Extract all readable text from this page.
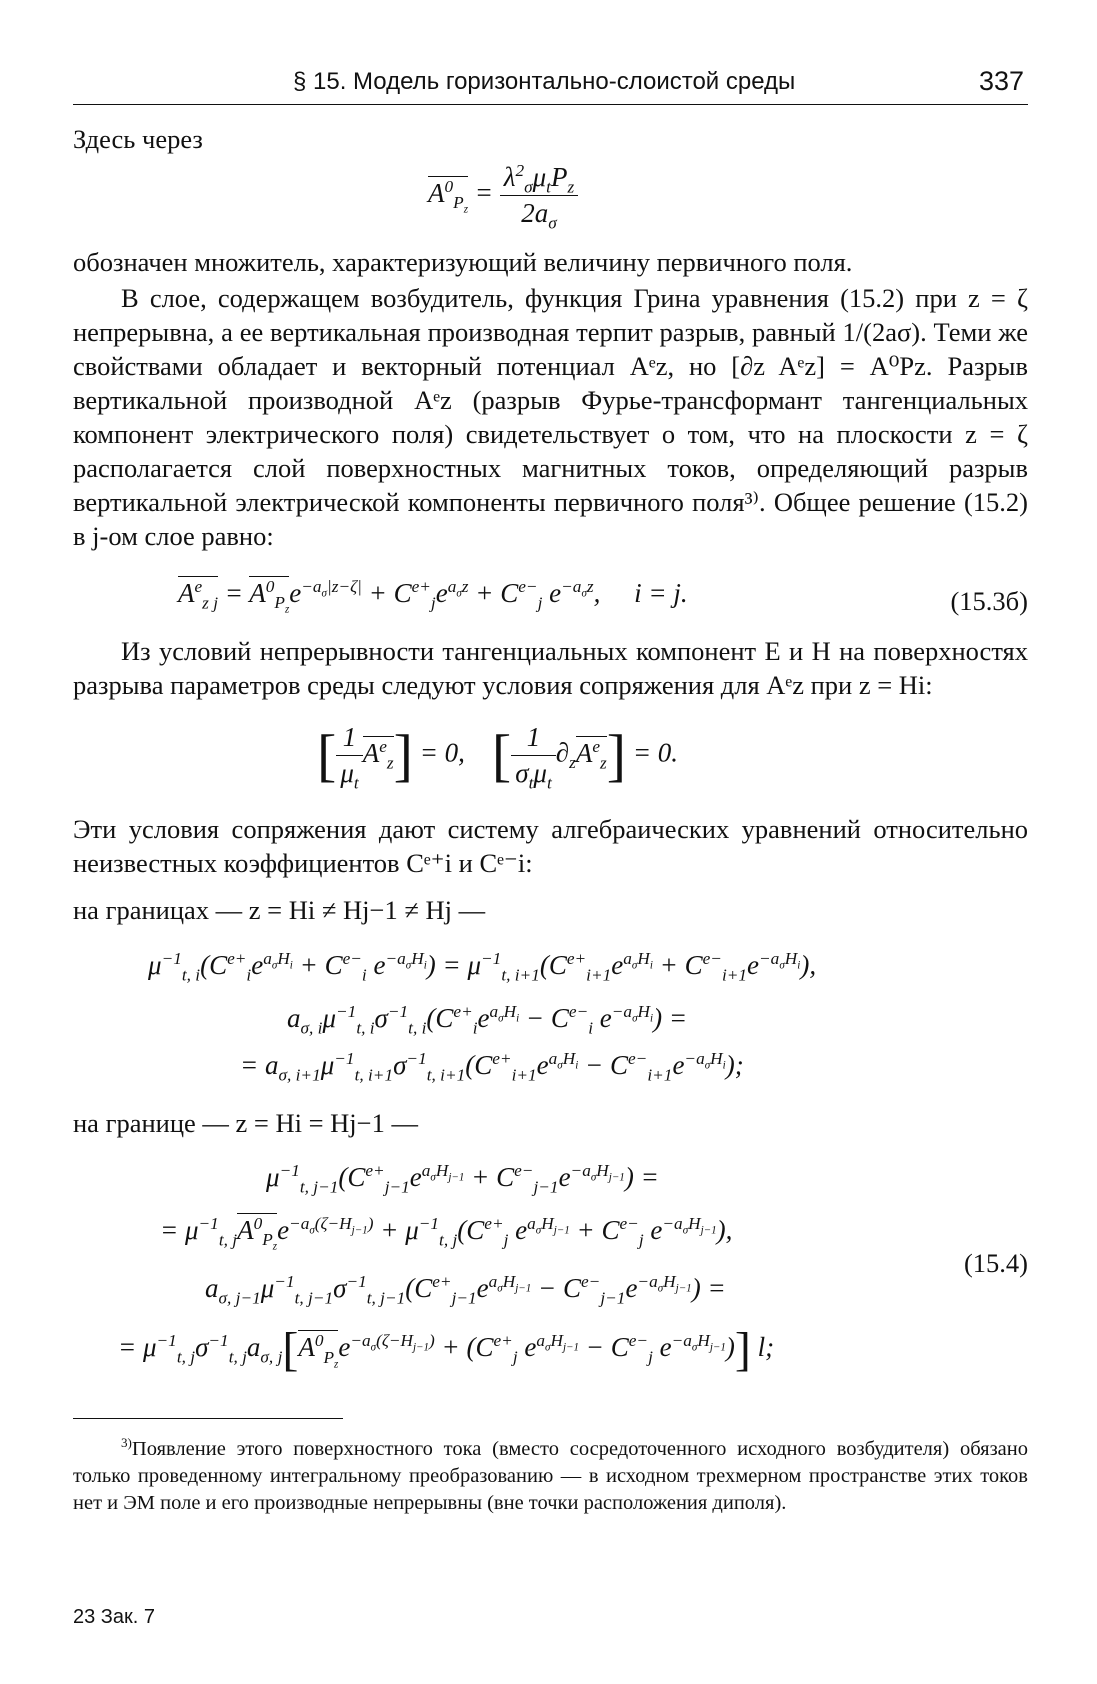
§ 15. Модель горизонтально-слоистой среды	337

Здесь через

$A^0_{P_z} = \frac{\lambda^2_\sigma\mu_tP_z}{2a_\sigma}$

обозначен множитель, характеризующий величину первичного поля.

В слое, содержащем возбудитель, функция Грина уравнения (15.2) при z = ζ непрерывна, а ее вертикальная производная терпит разрыв, равный 1/(2aσ). Теми же свойствами обладает и векторный потенциал Aᵉz, но [∂z Aᵉz] = A⁰Pz. Разрыв вертикальной производной Aᵉz (разрыв Фурье-трансформант тангенциальных компонент электрического поля) свидетельствует о том, что на плоскости z = ζ располагается слой поверхностных магнитных токов, определяющий разрыв вертикальной электрической компоненты первичного поля³⁾. Общее решение (15.2) в j-ом слое равно:

$A^e_{z j} = A^0_{P_z}e^{-a_\sigma|z-\zeta|} + C^{e+}_je^{a_\sigma z} + C^{e-}_j$ $e^{-a_\sigma z}$,     i = j.	(15.3б)

Из условий непрерывности тангенциальных компонент E и H на поверхностях разрыва параметров среды следуют условия сопряжения для Aᵉz при z = Hi:

[ $\frac{1}{\mu_t} A^e_z] = 0$,    [ $\frac{1}{\sigma_t\mu_t} \partial_zA^e_z] = 0$.

Эти условия сопряжения дают систему алгебраических уравнений относительно неизвестных коэффициентов Cᵉ⁺i и Cᵉ⁻i:

на границах — z = Hi ≠ Hj−1 ≠ Hj —

$\mu^{-1}_{t, i}(C^{e+}_ie^{a_\sigma H_i} + C^{e-}_i$ $e^{-a_\sigma H_i}) = \mu^{-1}_{t, i+1}(C^{e+}_{i+1}e^{a_\sigma H_i} + C^{e-}_{i+1}e^{-a_\sigma H_i})$,
$a_{\sigma, i}\mu^{-1}_{t, i}\sigma^{-1}_{t, i}(C^{e+}_ie^{a_\sigma H_i} - C^{e-}_i$ $e^{-a_\sigma H_i}$) =
= $a_{\sigma, i+1}\mu^{-1}_{t, i+1}\sigma^{-1}_{t, i+1}(C^{e+}_{i+1}e^{a_\sigma H_i} - C^{e-}_{i+1}e^{-a_\sigma H_i})$;

на границе — z = Hi = Hj−1 —

$\mu^{-1}_{t, j-1}(C^{e+}_{j-1}e^{a_\sigma H_{j-1}} + C^{e-}_{j-1}e^{-a_\sigma H_{j-1}})$ =
= $\mu^{-1}_{t, j}A^0_{P_z}e^{-a_\sigma(\zeta-H_{j-1})} + \mu^{-1}_{t, j}(C^{e+}_j$ $e^{a_\sigma H_{j-1}} + C^{e-}_j$ $e^{-a_\sigma H_{j-1}}$),
$a_{\sigma, j-1}\mu^{-1}_{t, j-1}\sigma^{-1}_{t, j-1}(C^{e+}_{j-1}e^{a_\sigma H_{j-1}} - C^{e-}_{j-1}e^{-a_\sigma H_{j-1}})$ =
= $\mu^{-1}_{t, j}\sigma^{-1}_{t, j}a_{\sigma, j}[A^0_{P_z}e^{-a_\sigma(\zeta-H_{j-1})} + (C^{e+}_j$ $e^{a_\sigma H_{j-1}} - C^{e-}_j$ $e^{-a_\sigma H_{j-1}}$)] l;
(15.4)

$^{3)}$Появление этого поверхностного тока (вместо сосредоточенного исходного возбудителя) обязано только проведенному интегральному преобразованию — в исходном трехмерном пространстве этих токов нет и ЭМ поле и его производные непрерывны (вне точки расположения диполя).

23 Зак. 7
